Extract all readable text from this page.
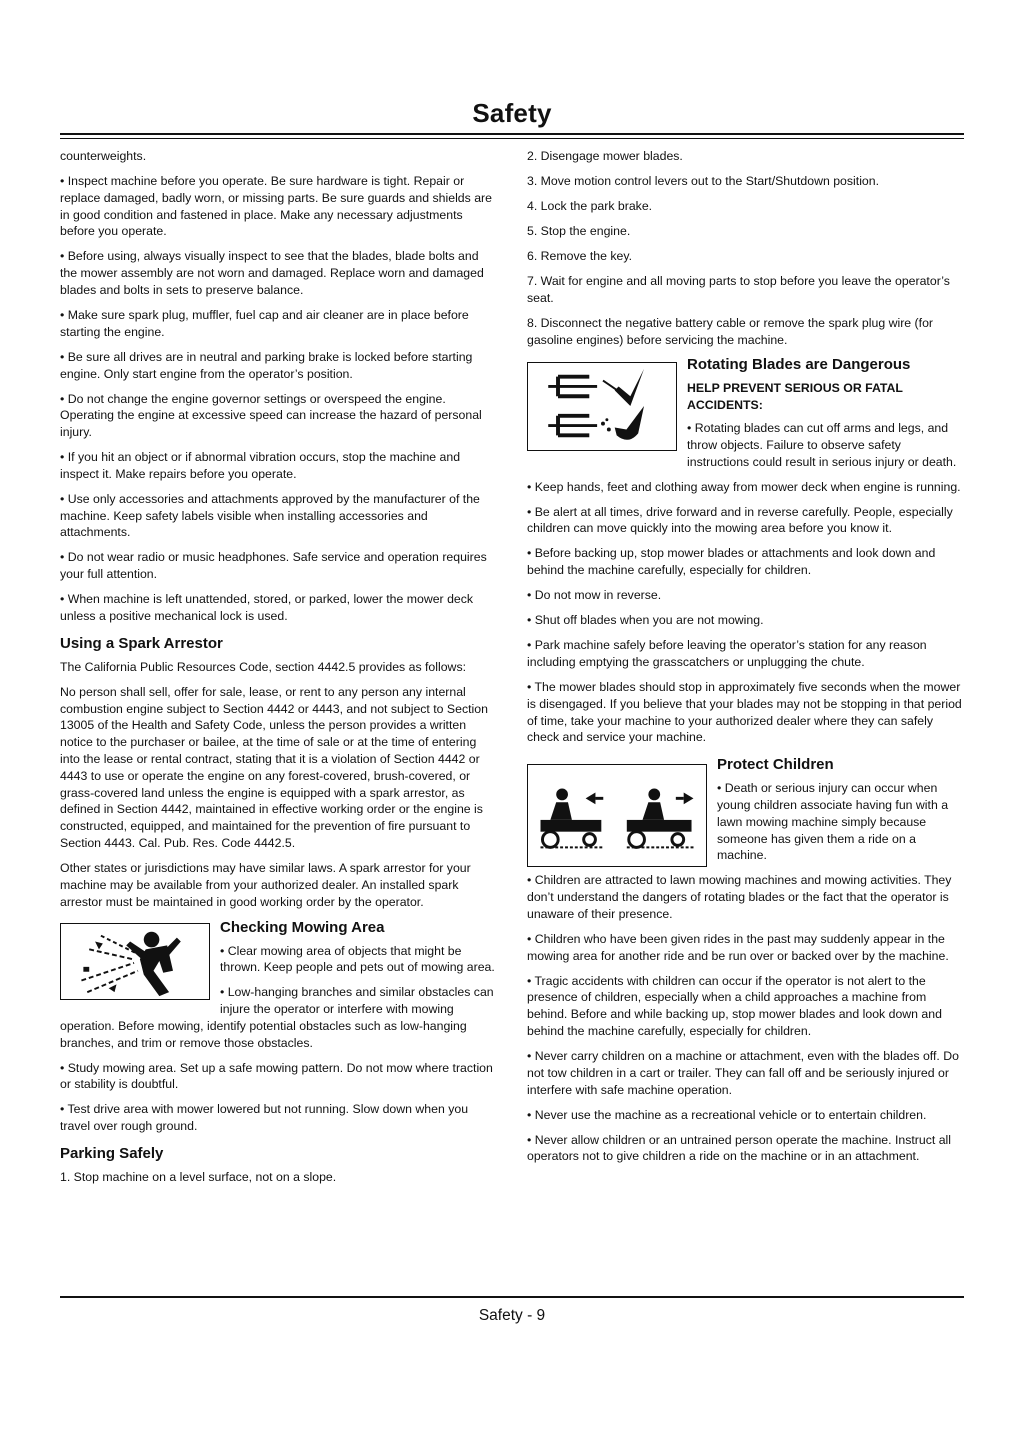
Safety

counterweights.

• Inspect machine before you operate. Be sure hardware is tight. Repair or replace damaged, badly worn, or missing parts. Be sure guards and shields are in good condition and fastened in place. Make any necessary adjustments before you operate.

• Before using, always visually inspect to see that the blades, blade bolts and the mower assembly are not worn and damaged. Replace worn and damaged blades and bolts in sets to preserve balance.

• Make sure spark plug, muffler, fuel cap and air cleaner are in place before starting the engine.

• Be sure all drives are in neutral and parking brake is locked before starting engine. Only start engine from the operator’s position.

• Do not change the engine governor settings or overspeed the engine. Operating the engine at excessive speed can increase the hazard of personal injury.

• If you hit an object or if abnormal vibration occurs, stop the machine and inspect it. Make repairs before you operate.

• Use only accessories and attachments approved by the manufacturer of the machine. Keep safety labels visible when installing accessories and attachments.

• Do not wear radio or music headphones. Safe service and operation requires your full attention.

• When machine is left unattended, stored, or parked, lower the mower deck unless a positive mechanical lock is used.

Using a Spark Arrestor

The California Public Resources Code, section 4442.5 provides as follows:

No person shall sell, offer for sale, lease, or rent to any person any internal combustion engine subject to Section 4442 or 4443, and not subject to Section 13005 of the Health and Safety Code, unless the person provides a written notice to the purchaser or bailee, at the time of sale or at the time of entering into the lease or rental contract, stating that it is a violation of Section 4442 or 4443 to use or operate the engine on any forest-covered, brush-covered, or grass-covered land unless the engine is equipped with a spark arrestor, as defined in Section 4442, maintained in effective working order or the engine is constructed, equipped, and maintained for the prevention of fire pursuant to Section 4443. Cal. Pub. Res. Code 4442.5.

Other states or jurisdictions may have similar laws. A spark arrestor for your machine may be available from your authorized dealer. An installed spark arrestor must be maintained in good working order by the operator.

Checking Mowing Area

• Clear mowing area of objects that might be thrown. Keep people and pets out of mowing area.

• Low-hanging branches and similar obstacles can injure the operator or interfere with mowing operation. Before mowing, identify potential obstacles such as low-hanging branches, and trim or remove those obstacles.

• Study mowing area. Set up a safe mowing pattern. Do not mow where traction or stability is doubtful.

• Test drive area with mower lowered but not running. Slow down when you travel over rough ground.

Parking Safely

1. Stop machine on a level surface, not on a slope.

2. Disengage mower blades.

3. Move motion control levers out to the Start/Shutdown position.

4. Lock the park brake.

5. Stop the engine.

6. Remove the key.

7. Wait for engine and all moving parts to stop before you leave the operator’s seat.

8. Disconnect the negative battery cable or remove the spark plug wire (for gasoline engines) before servicing the machine.

Rotating Blades are Dangerous
HELP PREVENT SERIOUS OR FATAL ACCIDENTS:

• Rotating blades can cut off arms and legs, and throw objects. Failure to observe safety instructions could result in serious injury or death.

• Keep hands, feet and clothing away from mower deck when engine is running.

• Be alert at all times, drive forward and in reverse carefully. People, especially children can move quickly into the mowing area before you know it.

• Before backing up, stop mower blades or attachments and look down and behind the machine carefully, especially for children.

• Do not mow in reverse.

• Shut off blades when you are not mowing.

• Park machine safely before leaving the operator’s station for any reason including emptying the grasscatchers or unplugging the chute.

• The mower blades should stop in approximately five seconds when the mower is disengaged. If you believe that your blades may not be stopping in that period of time, take your machine to your authorized dealer where they can safely check and service your machine.

Protect Children

• Death or serious injury can occur when young children associate having fun with a lawn mowing machine simply because someone has given them a ride on a machine.

• Children are attracted to lawn mowing machines and mowing activities. They don’t understand the dangers of rotating blades or the fact that the operator is unaware of their presence.

• Children who have been given rides in the past may suddenly appear in the mowing area for another ride and be run over or backed over by the machine.

• Tragic accidents with children can occur if the operator is not alert to the presence of children, especially when a child approaches a machine from behind. Before and while backing up, stop mower blades and look down and behind the machine carefully, especially for children.

• Never carry children on a machine or attachment, even with the blades off. Do not tow children in a cart or trailer. They can fall off and be seriously injured or interfere with safe machine operation.

• Never use the machine as a recreational vehicle or to entertain children.

• Never allow children or an untrained person operate the machine. Instruct all operators not to give children a ride on the machine or in an attachment.

Safety - 9
